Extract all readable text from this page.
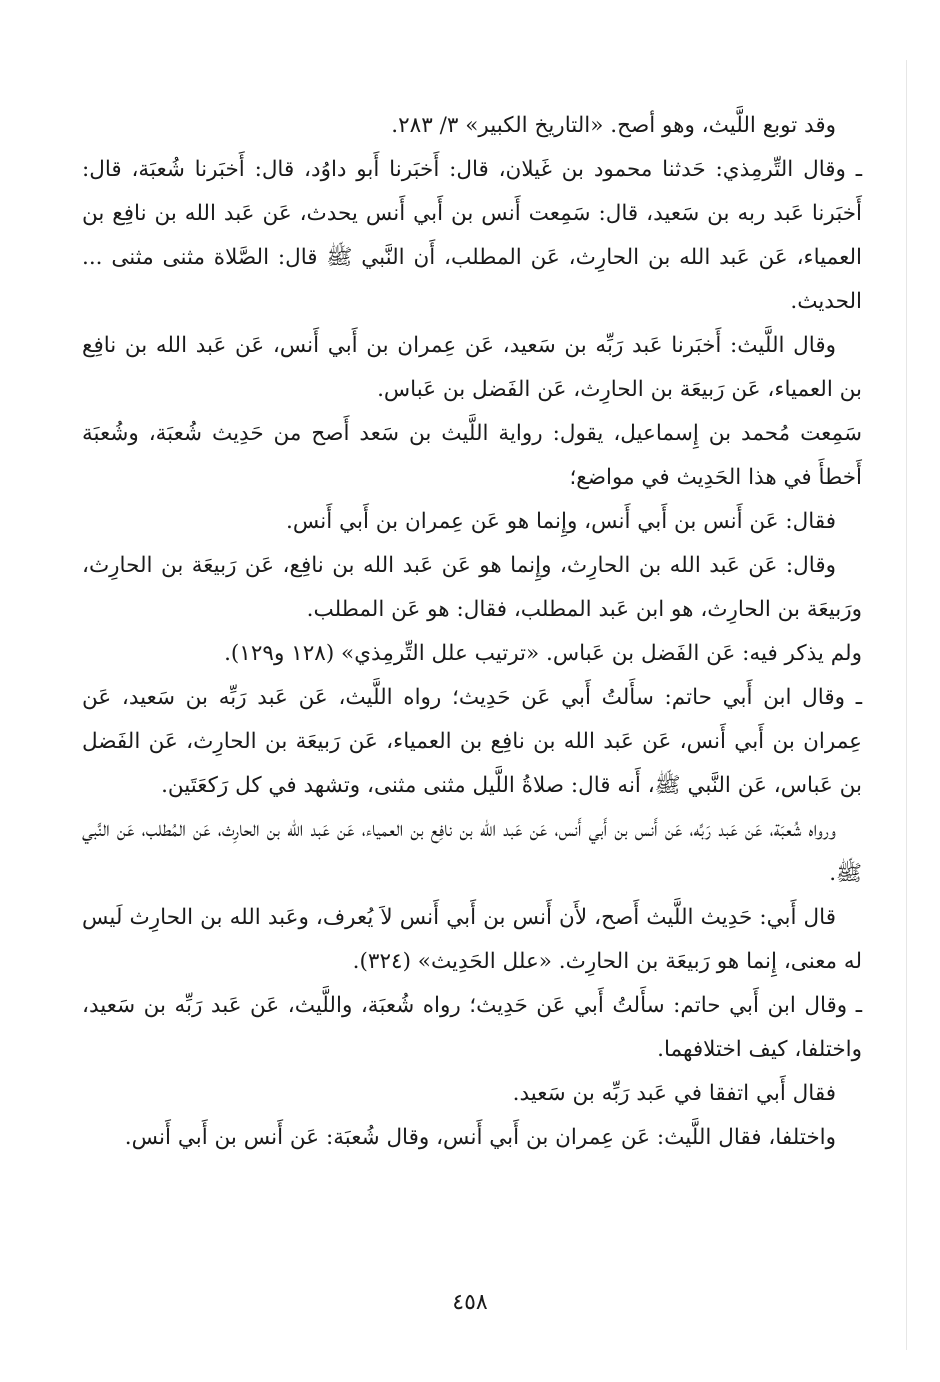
وقد توبع اللَّيث، وهو أصح. «التاريخ الكبير» ٣/ ٢٨٣.

ـ وقال التِّرمِذي: حَدثنا محمود بن غَيلان، قال: أَخبَرنا أَبو داوُد، قال: أَخبَرنا شُعبَة، قال: أَخبَرنا عَبد ربه بن سَعيد، قال: سَمِعت أَنس بن أَبي أَنس يحدث، عَن عَبد الله بن نافِع بن العمياء، عَن عَبد الله بن الحارِث، عَن المطلب، أَن النَّبي ﷺ قال: الصَّلاة مثنى مثنى ... الحديث.

وقال اللَّيث: أَخبَرنا عَبد رَبِّه بن سَعيد، عَن عِمران بن أَبي أَنس، عَن عَبد الله بن نافِع بن العمياء، عَن رَبيعَة بن الحارِث، عَن الفَضل بن عَباس.

سَمِعت مُحمد بن إِسماعيل، يقول: رواية اللَّيث بن سَعد أَصح من حَدِيث شُعبَة، وشُعبَة أَخطأَ في هذا الحَدِيث في مواضع؛

فقال: عَن أَنس بن أَبي أَنس، وإِنما هو عَن عِمران بن أَبي أَنس.

وقال: عَن عَبد الله بن الحارِث، وإِنما هو عَن عَبد الله بن نافِع، عَن رَبيعَة بن الحارِث، ورَبيعَة بن الحارِث، هو ابن عَبد المطلب، فقال: هو عَن المطلب.

ولم يذكر فيه: عَن الفَضل بن عَباس. «ترتيب علل التِّرمِذي» (١٢٨ و١٢٩).

ـ وقال ابن أَبي حاتم: سأَلتُ أَبي عَن حَدِيث؛ رواه اللَّيث، عَن عَبد رَبِّه بن سَعيد، عَن عِمران بن أَبي أَنس، عَن عَبد الله بن نافِع بن العمياء، عَن رَبيعَة بن الحارِث، عَن الفَضل بن عَباس، عَن النَّبي ﷺ، أَنه قال: صلاةُ اللَّيل مثنى مثنى، وتشهد في كل رَكعَتَين.

ورواه شُعبَة، عَن عَبد رَبِّه، عَن أَنس بن أَبي أَنس، عَن عَبد الله بن نافِع بن العمياء، عَن عَبد الله بن الحارِث، عَن المُطلب، عَن النَّبي ﷺ.

قال أَبي: حَدِيث اللَّيث أَصح، لأَن أَنس بن أَبي أَنس لاَ يُعرف، وعَبد الله بن الحارِث لَيس له معنى، إِنما هو رَبيعَة بن الحارِث. «علل الحَدِيث» (٣٢٤).

ـ وقال ابن أَبي حاتم: سأَلتُ أَبي عَن حَدِيث؛ رواه شُعبَة، واللَّيث، عَن عَبد رَبِّه بن سَعيد، واختلفا، كيف اختلافهما.

فقال أَبي اتفقا في عَبد رَبِّه بن سَعيد.

واختلفا، فقال اللَّيث: عَن عِمران بن أَبي أَنس، وقال شُعبَة: عَن أَنس بن أَبي أَنس.

٤٥٨
